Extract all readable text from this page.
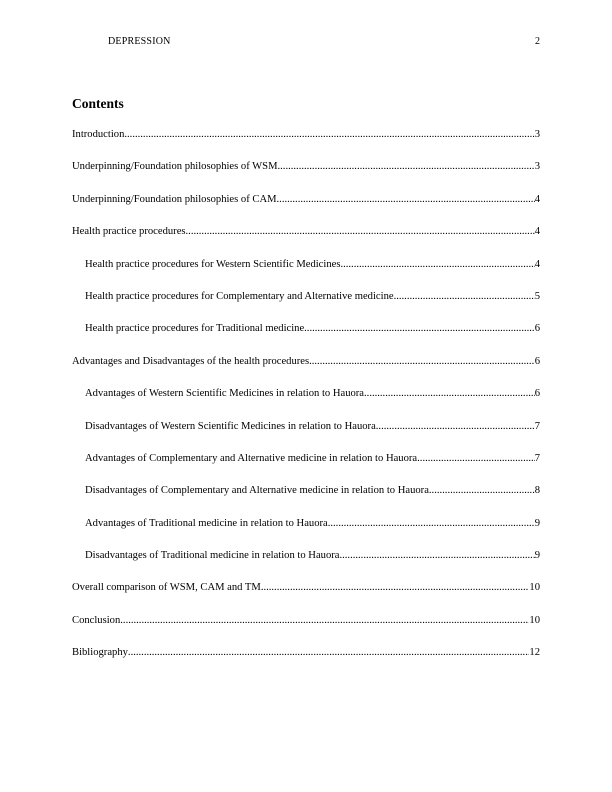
DEPRESSION	2
Contents
Introduction .....	3
Underpinning/Foundation philosophies of WSM .....	3
Underpinning/Foundation philosophies of CAM .....	4
Health practice procedures .....	4
Health practice procedures for Western Scientific Medicines .....	4
Health practice procedures for Complementary and Alternative medicine .....	5
Health practice procedures for Traditional medicine .....	6
Advantages and Disadvantages of the health procedures .....	6
Advantages of Western Scientific Medicines in relation to Hauora .....	6
Disadvantages of Western Scientific Medicines in relation to Hauora .....	7
Advantages of Complementary and Alternative medicine in relation to Hauora .....	7
Disadvantages of Complementary and Alternative medicine in relation to Hauora .....	8
Advantages of Traditional medicine in relation to Hauora .....	9
Disadvantages of Traditional medicine in relation to Hauora .....	9
Overall comparison of WSM, CAM and TM .....	10
Conclusion .....	10
Bibliography .....	12
